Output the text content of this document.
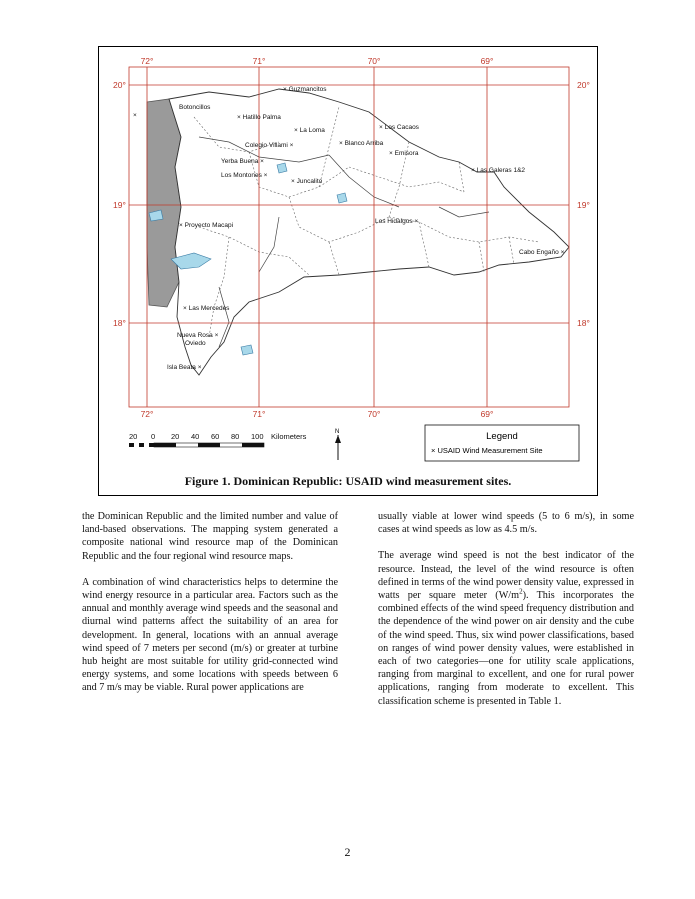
72°	71°	70°	69°
72°	71°	70°	69°
20°
19°
18°
20°
19°
18°
× Guzmancitos
Botoncillos
×	× Hatillo Palma
× La Loma	× Los Cacaos
Colegio Villami ×	× Blanco Arriba
× Emisora
Yerba Buena ×
Los Montones ×
× Juncalito
× Las Galeras 1&2
× Proyecto Macapi
Los Hidalgos ×
Cabo Engaño ×
× Las Mercedes
Nueva Rosa ×
Oviedo
Isla Beata ×
20 0 20 40 60 80 100 Kilometers	N	Legend
× USAID Wind Measurement Site
Figure 1. Dominican Republic: USAID wind measurement sites.

the Dominican Republic and the limited number and value of land-based observations. The mapping system generated a composite national wind resource map of the Dominican Republic and the four regional wind resource maps.

A combination of wind characteristics helps to determine the wind energy resource in a particular area. Factors such as the annual and monthly average wind speeds and the seasonal and diurnal wind patterns affect the suitability of an area for development. In general, locations with an annual average wind speed of 7 meters per second (m/s) or greater at turbine hub height are most suitable for utility grid-connected wind energy systems, and some locations with speeds between 6 and 7 m/s may be viable. Rural power applications are

usually viable at lower wind speeds (5 to 6 m/s), in some cases at wind speeds as low as 4.5 m/s.

The average wind speed is not the best indicator of the resource. Instead, the level of the wind resource is often defined in terms of the wind power density value, expressed in watts per square meter $(W/m^2)$. This incorporates the combined effects of the wind speed frequency distribution and the dependence of the wind power on air density and the cube of the wind speed. Thus, six wind power classifications, based on ranges of wind power density values, were established in each of two categories—one for utility scale applications, ranging from marginal to excellent, and one for rural power applications, ranging from moderate to excellent. This classification scheme is presented in Table 1.

2
